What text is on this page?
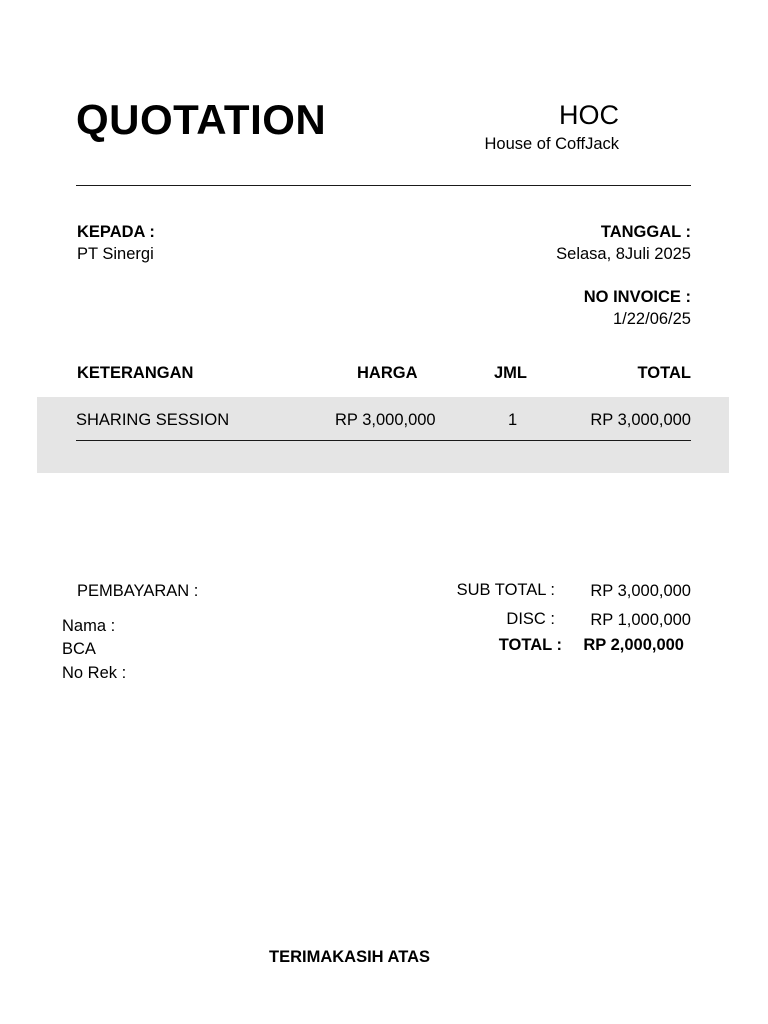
QUOTATION	HOC
House of CoffJack
KEPADA :
PT Sinergi
TANGGAL :
Selasa, 8Juli 2025
NO INVOICE :
1/22/06/25
KETERANGAN	HARGA	JML	TOTAL
SHARING SESSION	RP 3,000,000	1	RP 3,000,000
PEMBAYARAN :
Nama :
BCA
No Rek :
SUB TOTAL : RP 3,000,000
DISC : RP 1,000,000
TOTAL : RP 2,000,000
TERIMAKASIH ATAS
